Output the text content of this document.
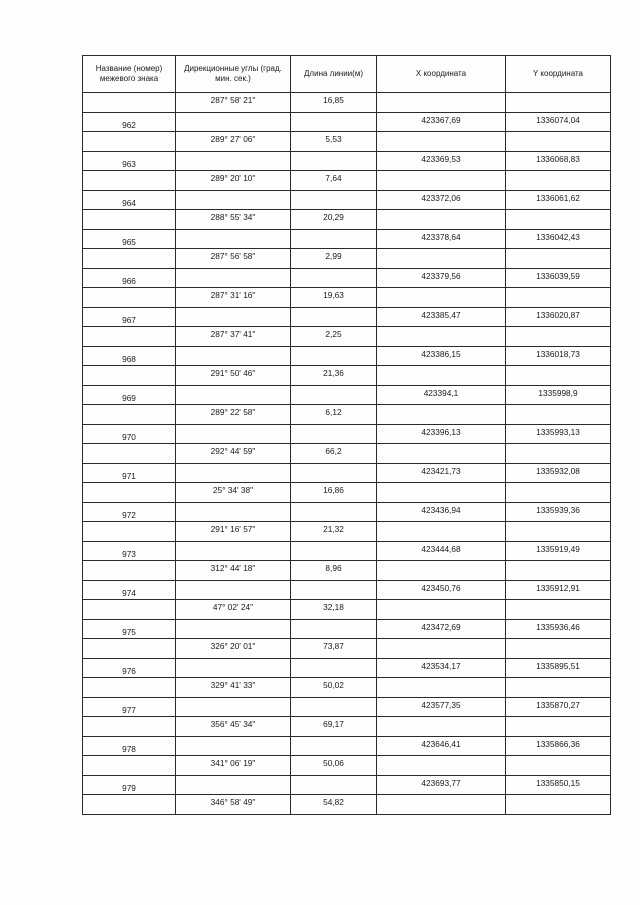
Название (номер) межевого знака	Дирекционные углы (град. мин. сек.)	Длина линии(м)	X координата	Y координата
	287° 58' 21"	16,85		
962			423367,69	1336074,04
	289° 27' 06"	5,53		
963			423369,53	1336068,83
	289° 20' 10"	7,64		
964			423372,06	1336061,62
	288° 55' 34"	20,29		
965			423378,64	1336042,43
	287° 56' 58"	2,99		
966			423379,56	1336039,59
	287° 31' 16"	19,63		
967			423385,47	1336020,87
	287° 37' 41"	2,25		
968			423386,15	1336018,73
	291° 50' 46"	21,36		
969			423394,1	1335998,9
	289° 22' 58"	6,12		
970			423396,13	1335993,13
	292° 44' 59"	66,2		
971			423421,73	1335932,08
	25° 34' 38"	16,86		
972			423436,94	1335939,36
	291° 16' 57"	21,32		
973			423444,68	1335919,49
	312° 44' 18"	8,96		
974			423450,76	1335912,91
	47° 02' 24"	32,18		
975			423472,69	1335936,46
	326° 20' 01"	73,87		
976			423534,17	1335895,51
	329° 41' 33"	50,02		
977			423577,35	1335870,27
	356° 45' 34"	69,17		
978			423646,41	1335866,36
	341° 06' 19"	50,06		
979			423693,77	1335850,15
	346° 58' 49"	54,82		
